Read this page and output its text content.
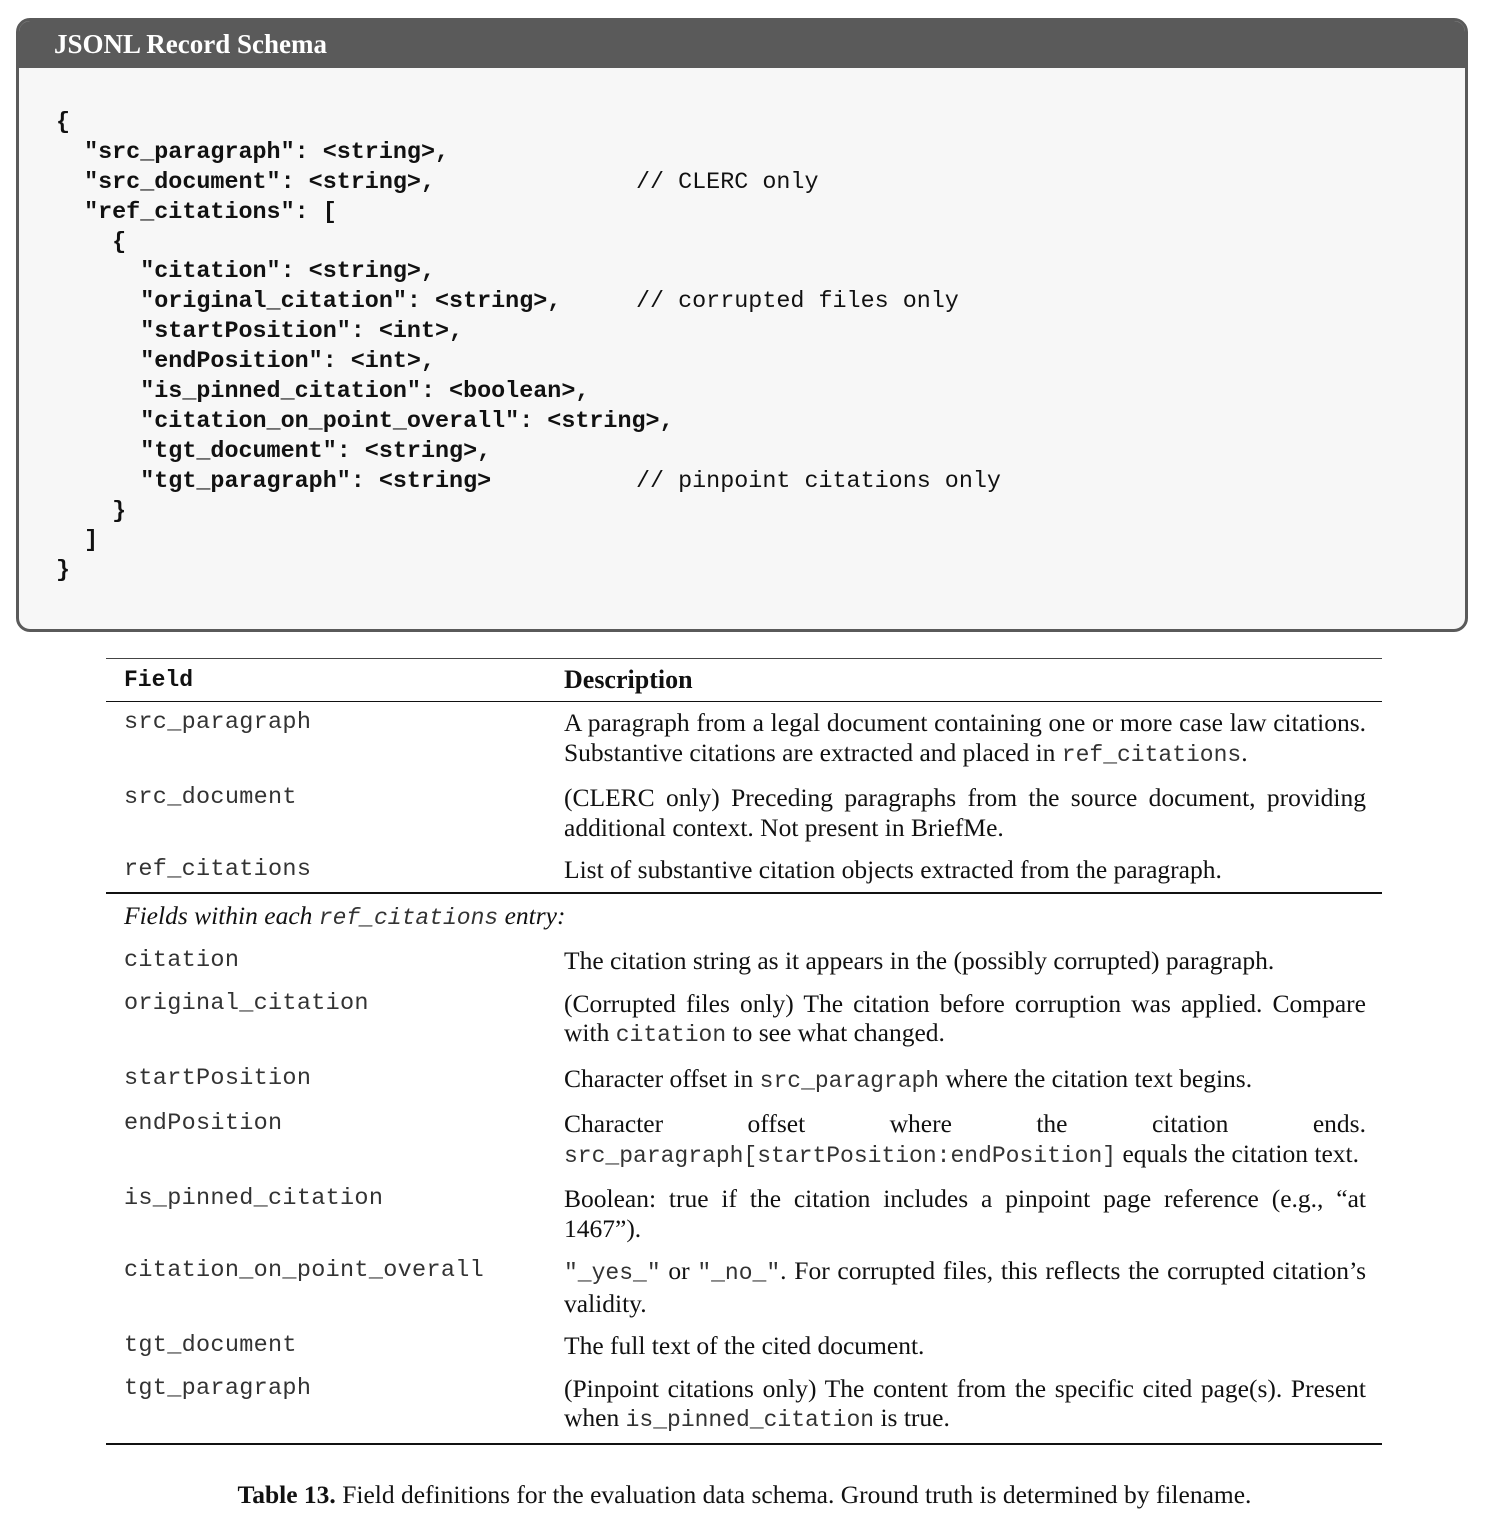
JSONL Record Schema
{
"src_paragraph": <string>,
"src_document": <string>,	// CLERC only
"ref_citations": [
{
"citation": <string>,
"original_citation": <string>,	// corrupted files only
"startPosition": <int>,
"endPosition": <int>,
"is_pinned_citation": <boolean>,
"citation_on_point_overall": <string>,
"tgt_document": <string>,
"tgt_paragraph": <string>	// pinpoint citations only
}
]
}
Field	Description
src_paragraph	A paragraph from a legal document containing one or more case law citations. Substantive citations are extracted and placed in ref_citations.
src_document	(CLERC only) Preceding paragraphs from the source document, providing additional context. Not present in BriefMe.
ref_citations	List of substantive citation objects extracted from the paragraph.
Fields within each ref_citations entry:	
citation	The citation string as it appears in the (possibly corrupted) paragraph.
original_citation	(Corrupted files only) The citation before corruption was applied. Compare with citation to see what changed.
startPosition	Character offset in src_paragraph where the citation text begins.
endPosition	Character offset where the citation ends. src_paragraph[startPosition:endPosition] equals the citation text.
is_pinned_citation	Boolean: true if the citation includes a pinpoint page reference (e.g., “at 1467”).
citation_on_point_overall	"_yes_" or "_no_". For corrupted files, this reflects the corrupted citation’s validity.
tgt_document	The full text of the cited document.
tgt_paragraph	(Pinpoint citations only) The content from the specific cited page(s). Present when is_pinned_citation is true.
Table 13. Field definitions for the evaluation data schema. Ground truth is determined by filename.
